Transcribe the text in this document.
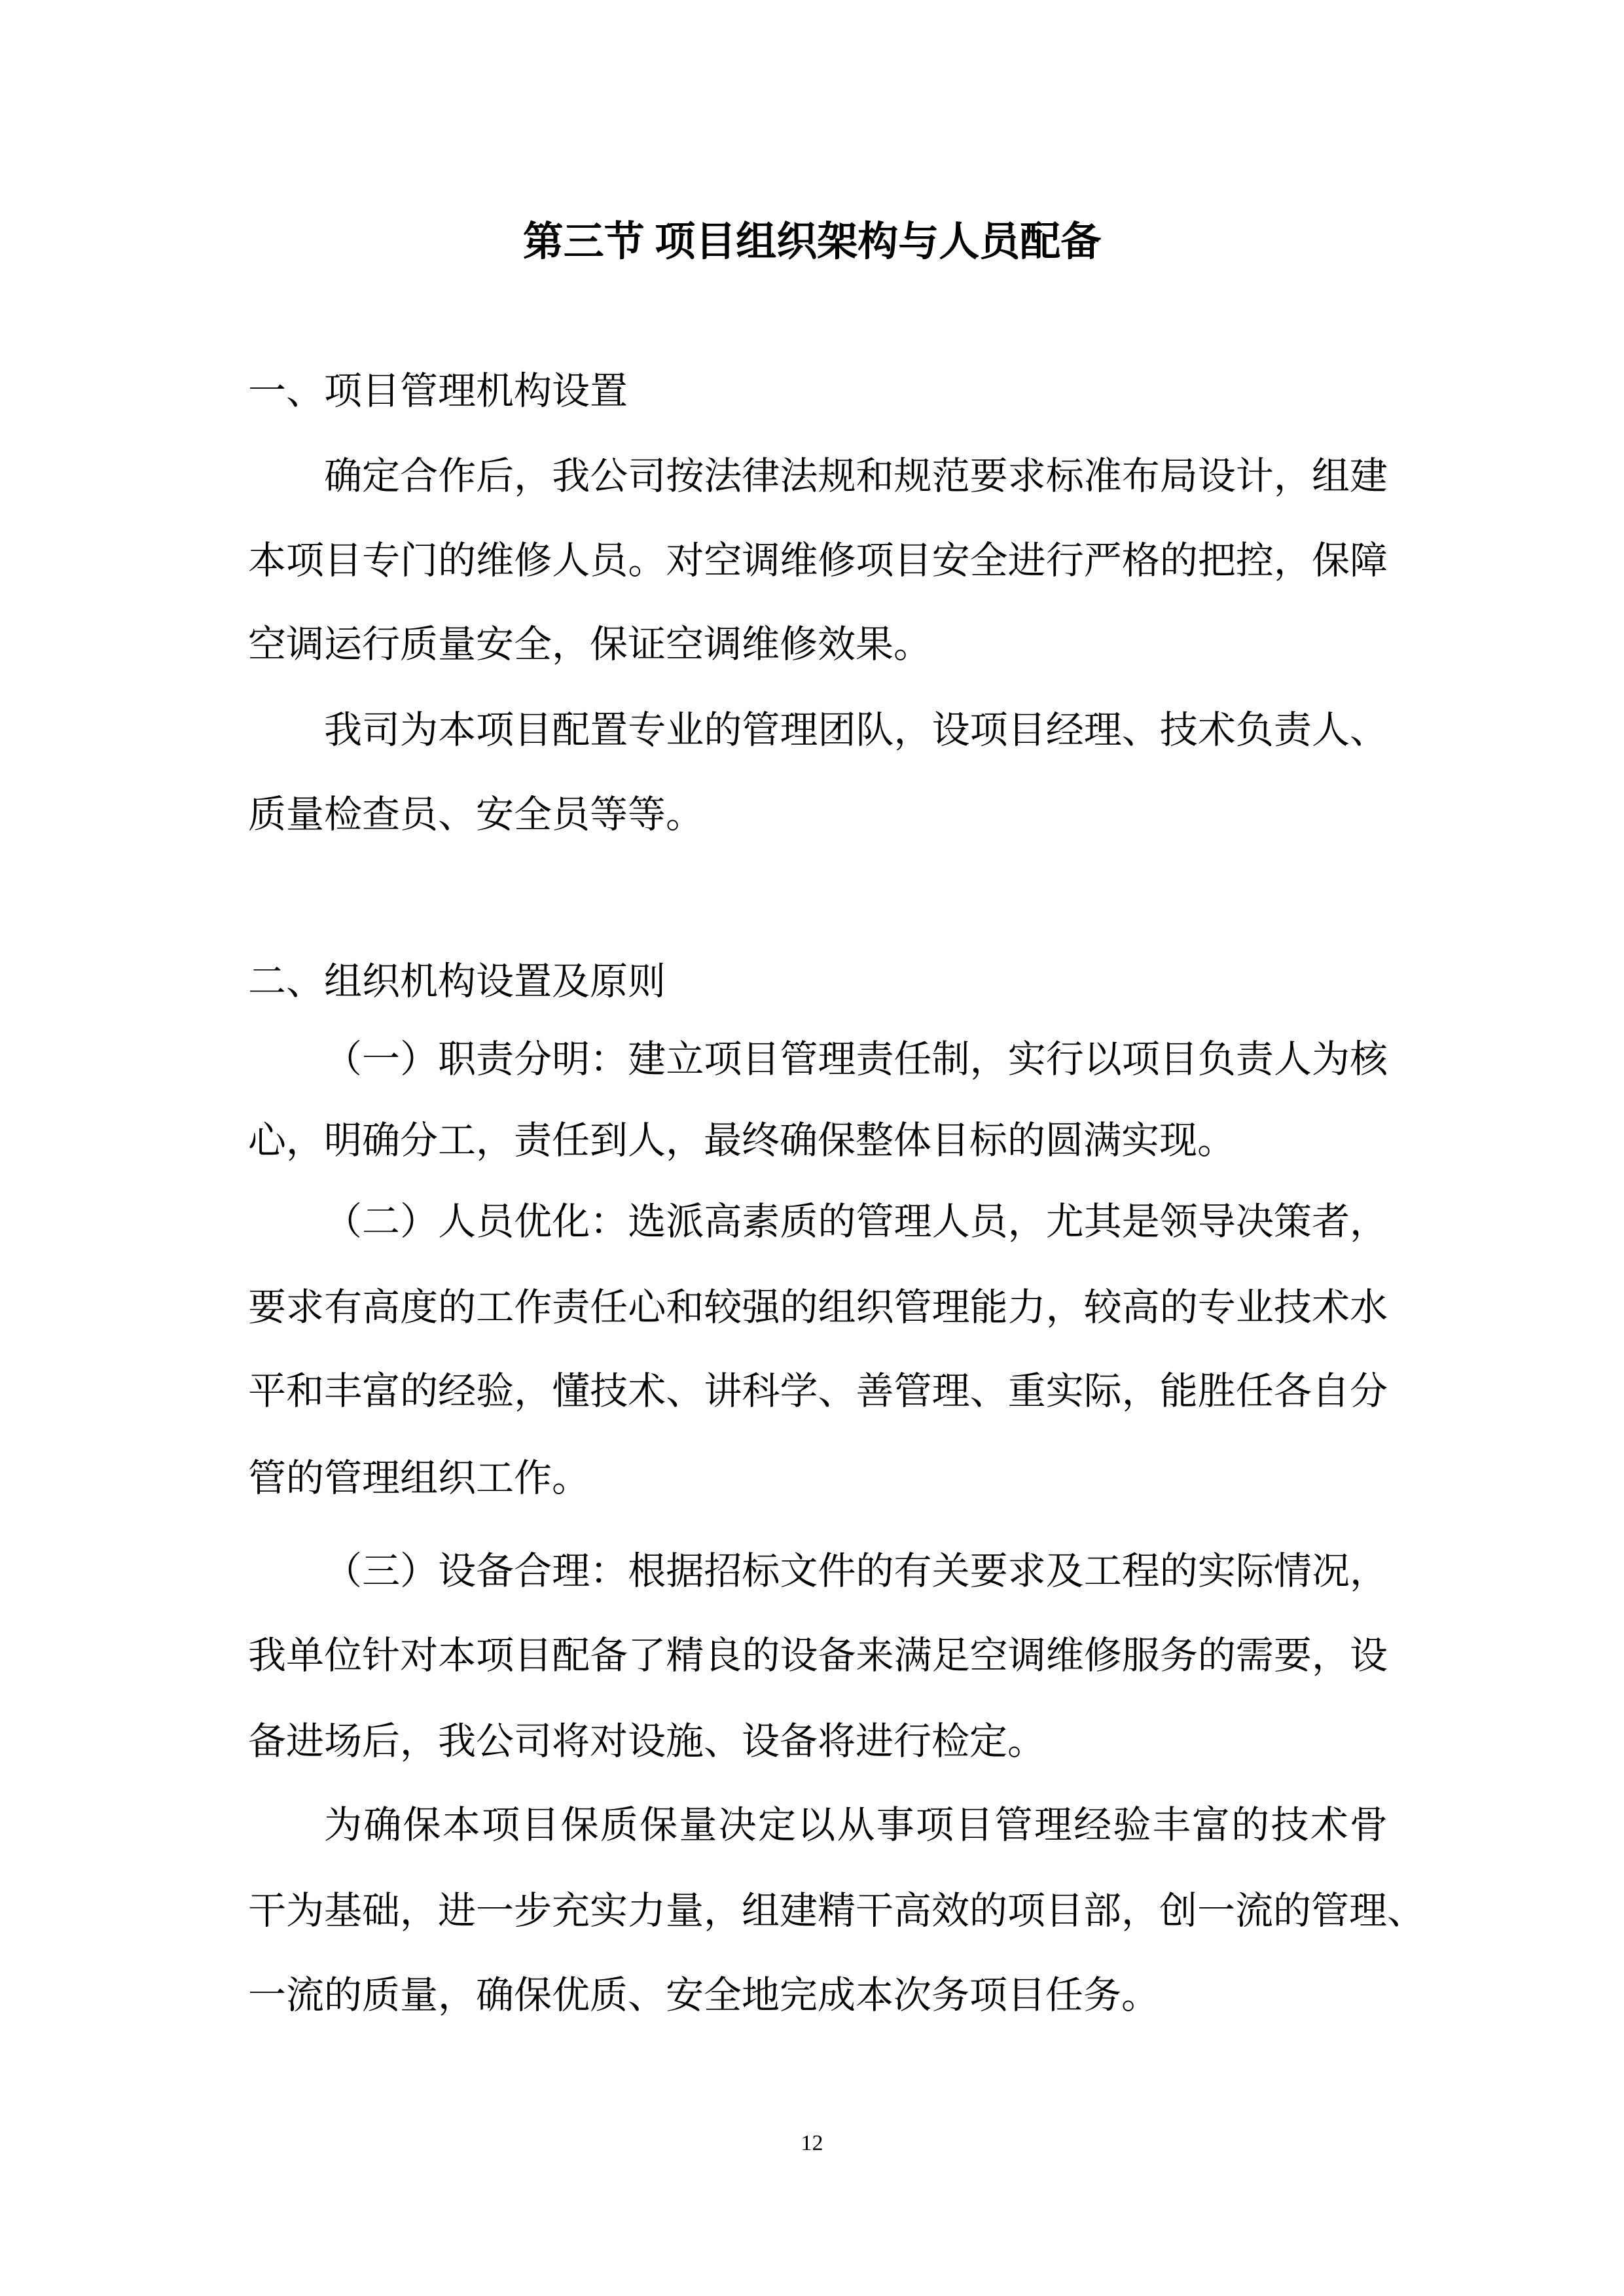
第三节 项目组织架构与人员配备
一、项目管理机构设置
确定合作后，我公司按法律法规和规范要求标准布局设计，组建
本项目专门的维修人员。对空调维修项目安全进行严格的把控，保障
空调运行质量安全，保证空调维修效果。
我司为本项目配置专业的管理团队，设项目经理、技术负责人、
质量检查员、安全员等等。
二、组织机构设置及原则
（一）职责分明：建立项目管理责任制，实行以项目负责人为核
心，明确分工，责任到人，最终确保整体目标的圆满实现。
（二）人员优化：选派高素质的管理人员，尤其是领导决策者，
要求有高度的工作责任心和较强的组织管理能力，较高的专业技术水
平和丰富的经验，懂技术、讲科学、善管理、重实际，能胜任各自分
管的管理组织工作。
（三）设备合理：根据招标文件的有关要求及工程的实际情况，
我单位针对本项目配备了精良的设备来满足空调维修服务的需要，设
备进场后，我公司将对设施、设备将进行检定。
为确保本项目保质保量决定以从事项目管理经验丰富的技术骨
干为基础，进一步充实力量，组建精干高效的项目部，创一流的管理、
一流的质量，确保优质、安全地完成本次务项目任务。
12
